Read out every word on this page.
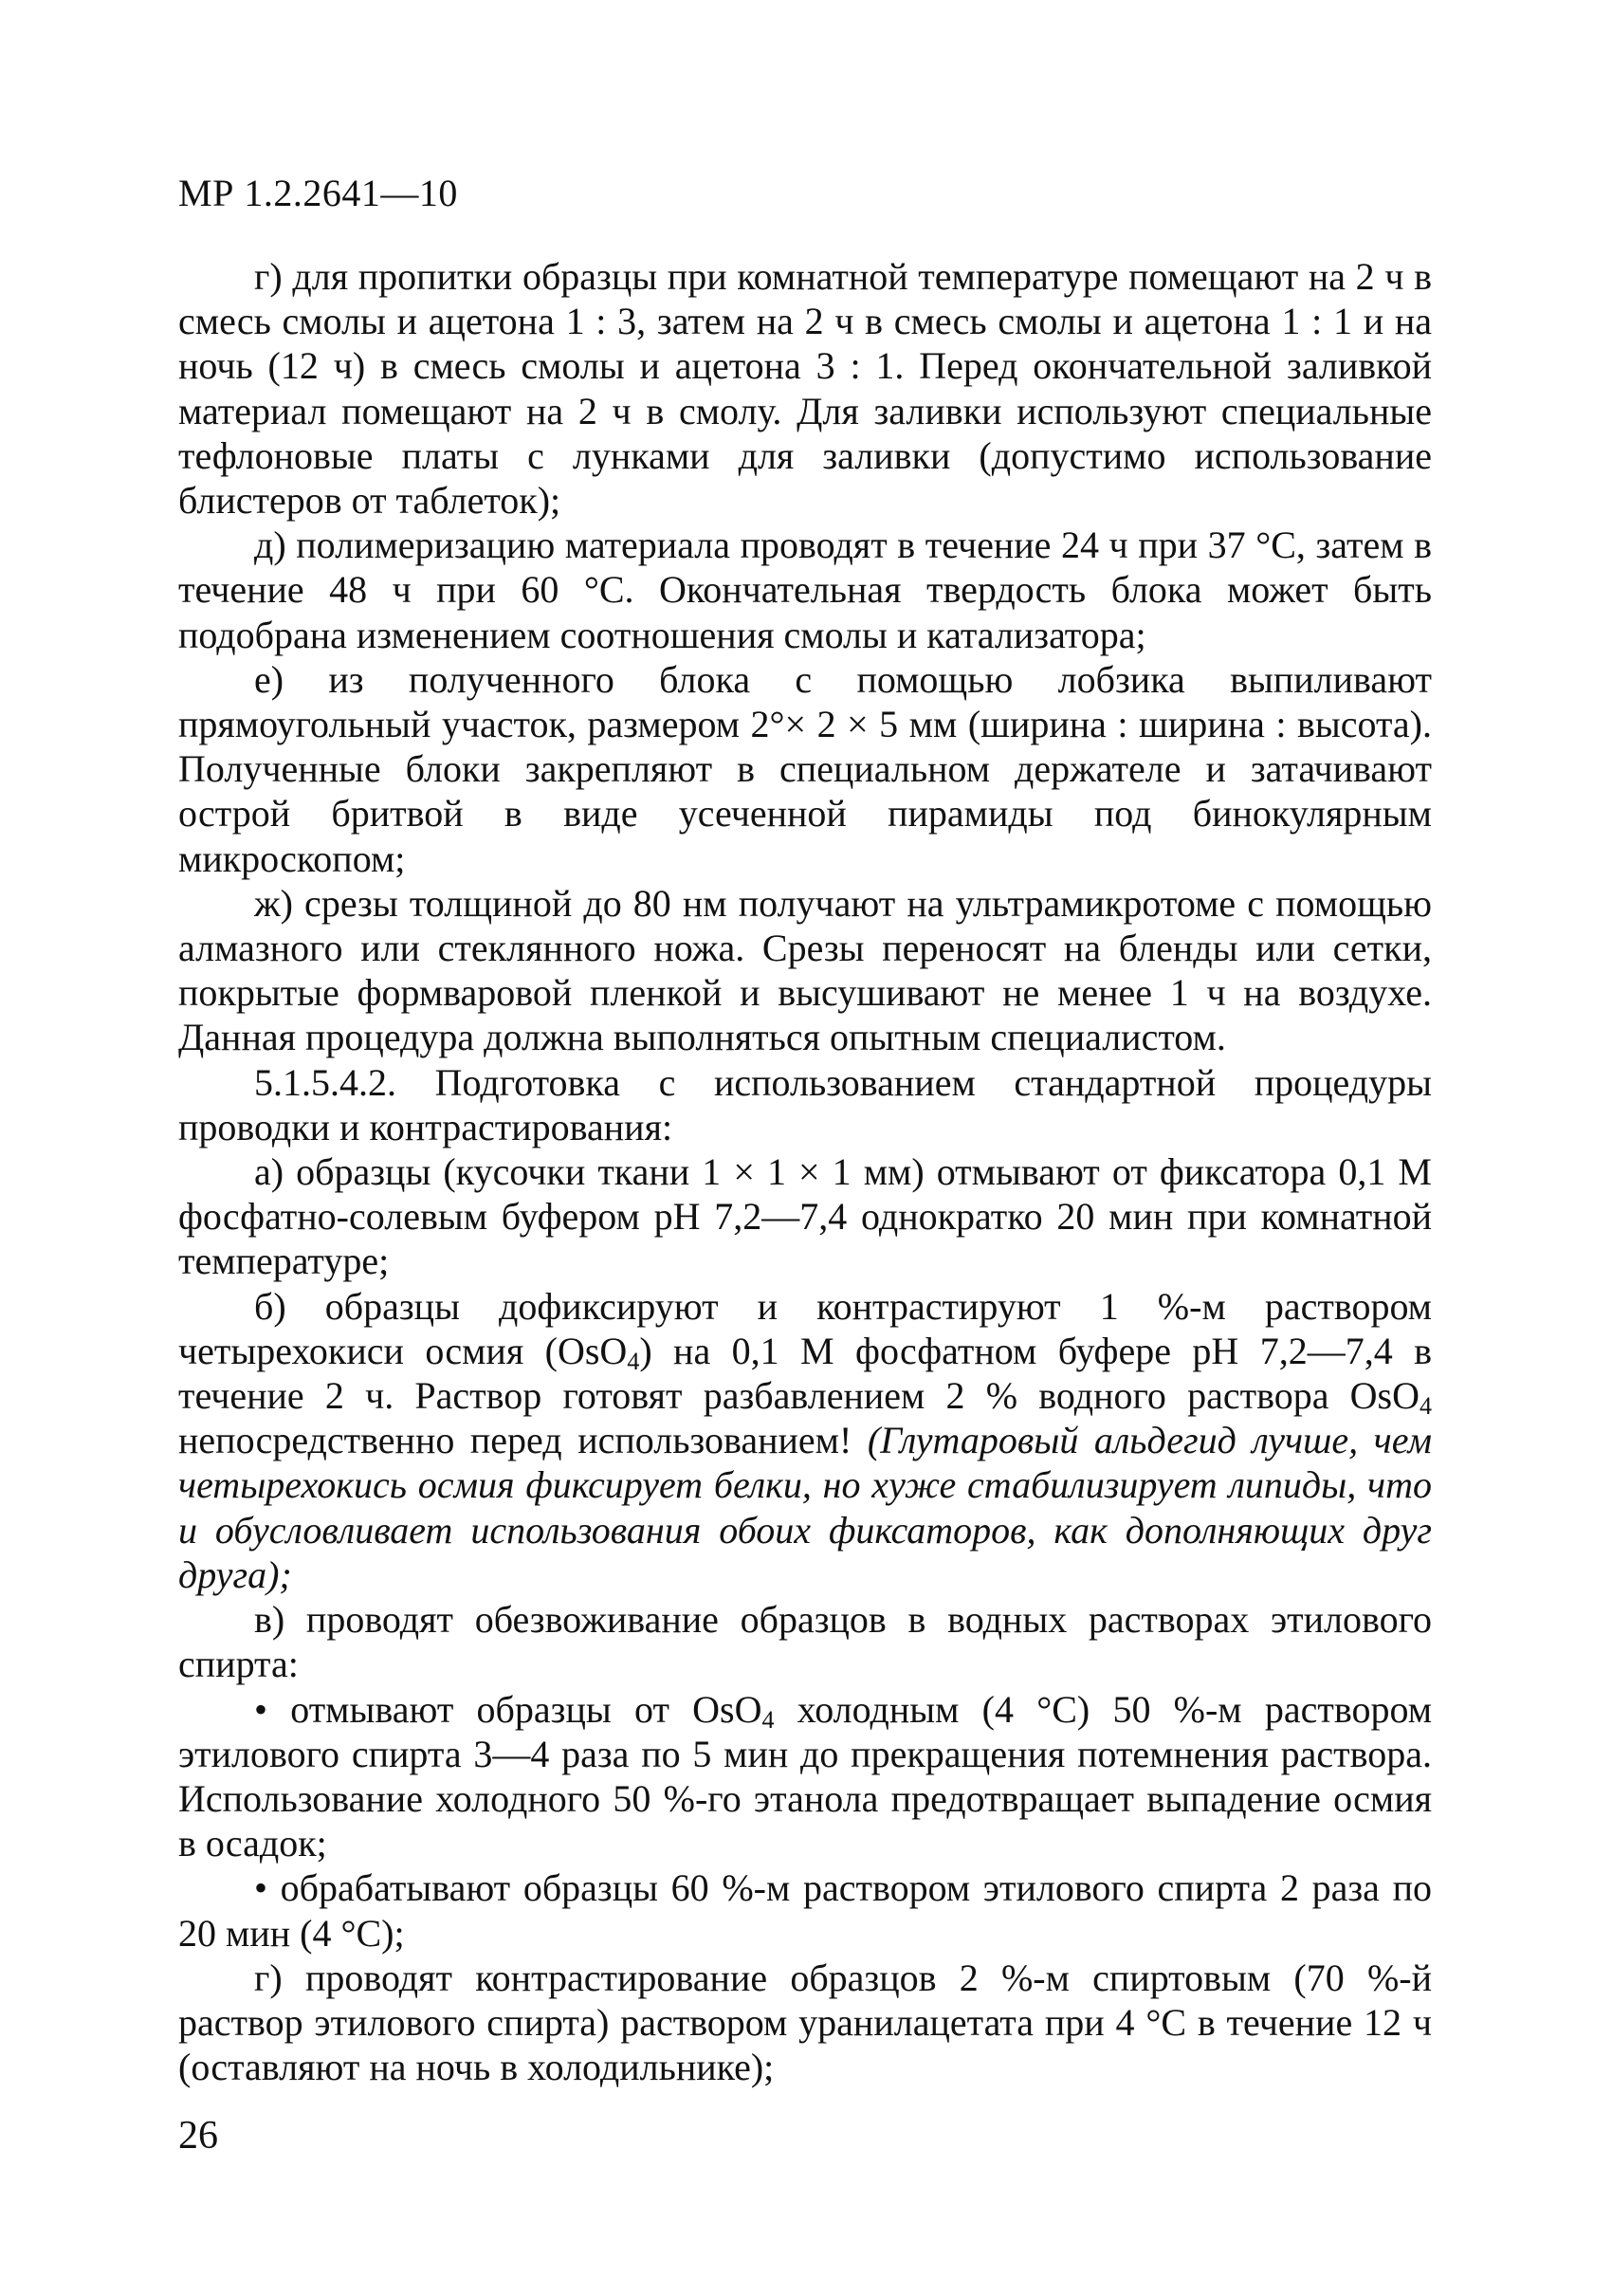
МР 1.2.2641—10

г) для пропитки образцы при комнатной температуре помещают на 2 ч в смесь смолы и ацетона 1 : 3, затем на 2 ч в смесь смолы и ацетона 1 : 1 и на ночь (12 ч) в смесь смолы и ацетона 3 : 1. Перед окончательной заливкой материал помещают на 2 ч в смолу. Для заливки используют специальные тефлоновые платы с лунками для заливки (допустимо использование блистеров от таблеток);

д) полимеризацию материала проводят в течение 24 ч при 37 °C, затем в течение 48 ч при 60 °C. Окончательная твердость блока может быть подобрана изменением соотношения смолы и катализатора;

е) из полученного блока с помощью лобзика выпиливают прямоугольный участок, размером 2°× 2 × 5 мм (ширина : ширина : высота). Полученные блоки закрепляют в специальном держателе и затачивают острой бритвой в виде усеченной пирамиды под бинокулярным микроскопом;

ж) срезы толщиной до 80 нм получают на ультрамикротоме с помощью алмазного или стеклянного ножа. Срезы переносят на бленды или сетки, покрытые формваровой пленкой и высушивают не менее 1 ч на воздухе. Данная процедура должна выполняться опытным специалистом.

5.1.5.4.2. Подготовка с использованием стандартной процедуры проводки и контрастирования:

а) образцы (кусочки ткани 1 × 1 × 1 мм) отмывают от фиксатора 0,1 М фосфатно-солевым буфером pH 7,2—7,4 однократко 20 мин при комнатной температуре;

б) образцы дофиксируют и контрастируют 1 %-м раствором четырехокиси осмия (OsO$_4$) на 0,1 М фосфатном буфере pH 7,2—7,4 в течение 2 ч. Раствор готовят разбавлением 2 % водного раствора OsO$_4$ непосредственно перед использованием! (Глутаровый альдегид лучше, чем четырехокись осмия фиксирует белки, но хуже стабилизирует липиды, что и обусловливает использования обоих фиксаторов, как дополняющих друг друга);

в) проводят обезвоживание образцов в водных растворах этилового спирта:

• отмывают образцы от OsO$_4$ холодным (4 °C) 50 %-м раствором этилового спирта 3—4 раза по 5 мин до прекращения потемнения раствора. Использование холодного 50 %-го этанола предотвращает выпадение осмия в осадок;

• обрабатывают образцы 60 %-м раствором этилового спирта 2 раза по 20 мин (4 °C);

г) проводят контрастирование образцов 2 %-м спиртовым (70 %-й раствор этилового спирта) раствором уранилацетата при 4 °C в течение 12 ч (оставляют на ночь в холодильнике);

26
